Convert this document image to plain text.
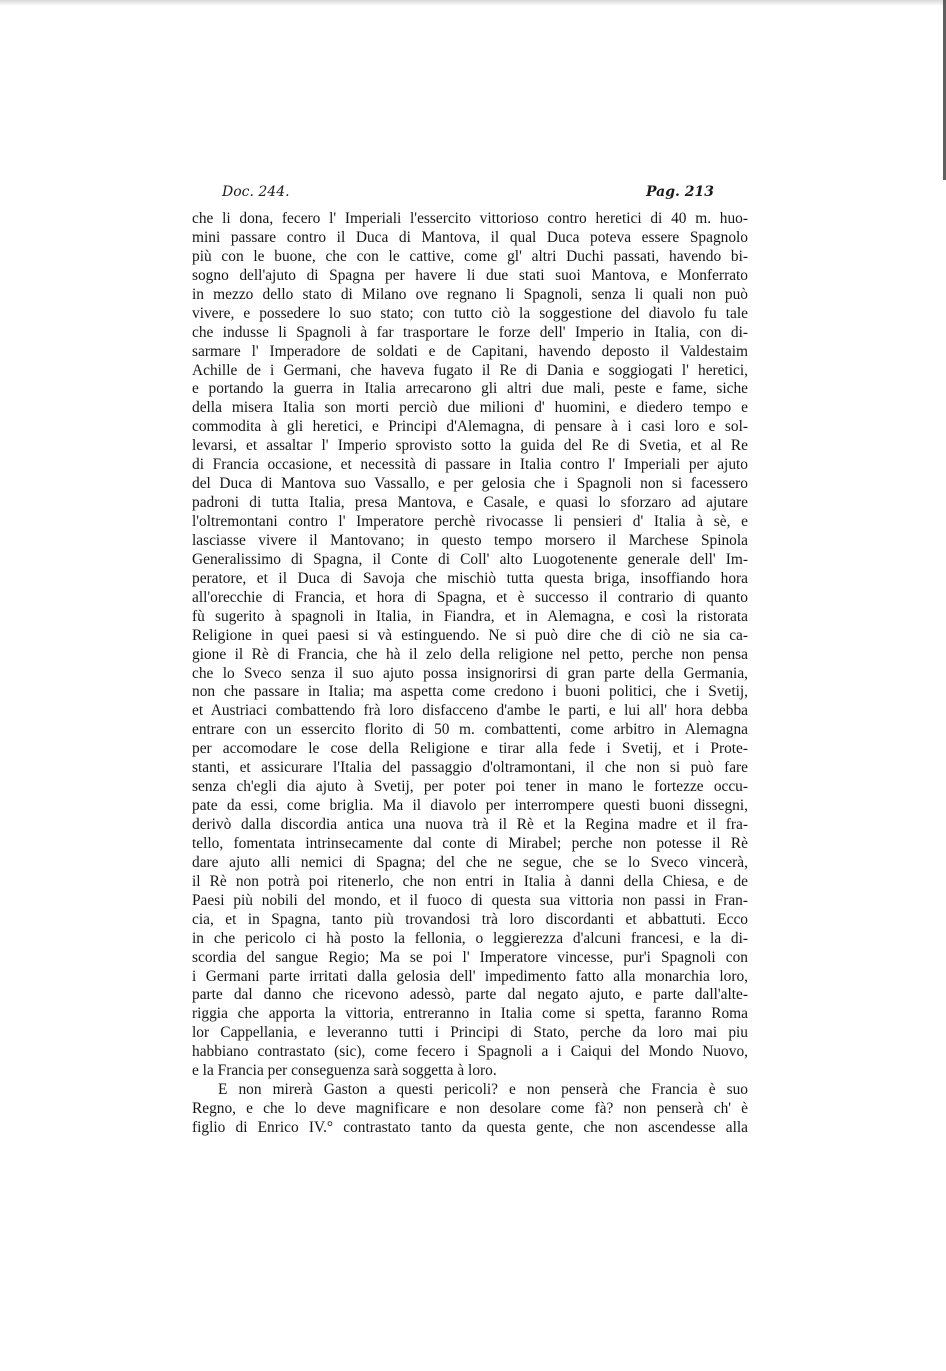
Doc. 244.	Pag. 213
che li dona, fecero l' Imperiali l'essercito vittorioso contro heretici di 40 m. huo-
mini passare contro il Duca di Mantova, il qual Duca poteva essere Spagnolo
più con le buone, che con le cattive, come gl' altri Duchi passati, havendo bi-
sogno dell'ajuto di Spagna per havere li due stati suoi Mantova, e Monferrato
in mezzo dello stato di Milano ove regnano li Spagnoli, senza li quali non può
vivere, e possedere lo suo stato; con tutto ciò la soggestione del diavolo fu tale
che indusse li Spagnoli à far trasportare le forze dell' Imperio in Italia, con di-
sarmare l' Imperadore de soldati e de Capitani, havendo deposto il Valdestaim
Achille de i Germani, che haveva fugato il Re di Dania e soggiogati l' heretici,
e portando la guerra in Italia arrecarono gli altri due mali, peste e fame, siche
della misera Italia son morti perciò due milioni d' huomini, e diedero tempo e
commodita à gli heretici, e Principi d'Alemagna, di pensare à i casi loro e sol-
levarsi, et assaltar l' Imperio sprovisto sotto la guida del Re di Svetia, et al Re
di Francia occasione, et necessità di passare in Italia contro l' Imperiali per ajuto
del Duca di Mantova suo Vassallo, e per gelosia che i Spagnoli non si facessero
padroni di tutta Italia, presa Mantova, e Casale, e quasi lo sforzaro ad ajutare
l'oltremontani contro l' Imperatore perchè rivocasse li pensieri d' Italia à sè, e
lasciasse vivere il Mantovano; in questo tempo morsero il Marchese Spinola
Generalissimo di Spagna, il Conte di Coll' alto Luogotenente generale dell' Im-
peratore, et il Duca di Savoja che mischiò tutta questa briga, insoffiando hora
all'orecchie di Francia, et hora di Spagna, et è successo il contrario di quanto
fù sugerito à spagnoli in Italia, in Fiandra, et in Alemagna, e così la ristorata
Religione in quei paesi si và estinguendo. Ne si può dire che di ciò ne sia ca-
gione il Rè di Francia, che hà il zelo della religione nel petto, perche non pensa
che lo Sveco senza il suo ajuto possa insignorirsi di gran parte della Germania,
non che passare in Italia; ma aspetta come credono i buoni politici, che i Svetij,
et Austriaci combattendo frà loro disfacceno d'ambe le parti, e lui all' hora debba
entrare con un essercito florito di 50 m. combattenti, come arbitro in Alemagna
per accomodare le cose della Religione e tirar alla fede i Svetij, et i Prote-
stanti, et assicurare l'Italia del passaggio d'oltramontani, il che non si può fare
senza ch'egli dia ajuto à Svetij, per poter poi tener in mano le fortezze occu-
pate da essi, come briglia. Ma il diavolo per interrompere questi buoni dissegni,
derivò dalla discordia antica una nuova trà il Rè et la Regina madre et il fra-
tello, fomentata intrinsecamente dal conte di Mirabel; perche non potesse il Rè
dare ajuto alli nemici di Spagna; del che ne segue, che se lo Sveco vincerà,
il Rè non potrà poi ritenerlo, che non entri in Italia à danni della Chiesa, e de
Paesi più nobili del mondo, et il fuoco di questa sua vittoria non passi in Fran-
cia, et in Spagna, tanto più trovandosi trà loro discordanti et abbattuti. Ecco
in che pericolo ci hà posto la fellonia, o leggierezza d'alcuni francesi, e la di-
scordia del sangue Regio; Ma se poi l' Imperatore vincesse, pur'i Spagnoli con
i Germani parte irritati dalla gelosia dell' impedimento fatto alla monarchia loro,
parte dal danno che ricevono adessò, parte dal negato ajuto, e parte dall'alte-
riggia che apporta la vittoria, entreranno in Italia come si spetta, faranno Roma
lor Cappellania, e leveranno tutti i Principi di Stato, perche da loro mai piu
habbiano contrastato (sic), come fecero i Spagnoli a i Caiqui del Mondo Nuovo,
e la Francia per conseguenza sarà soggetta à loro.
E non mirerà Gaston a questi pericoli? e non penserà che Francia è suo
Regno, e che lo deve magnificare e non desolare come fà? non penserà ch' è
figlio di Enrico IV.° contrastato tanto da questa gente, che non ascendesse alla
